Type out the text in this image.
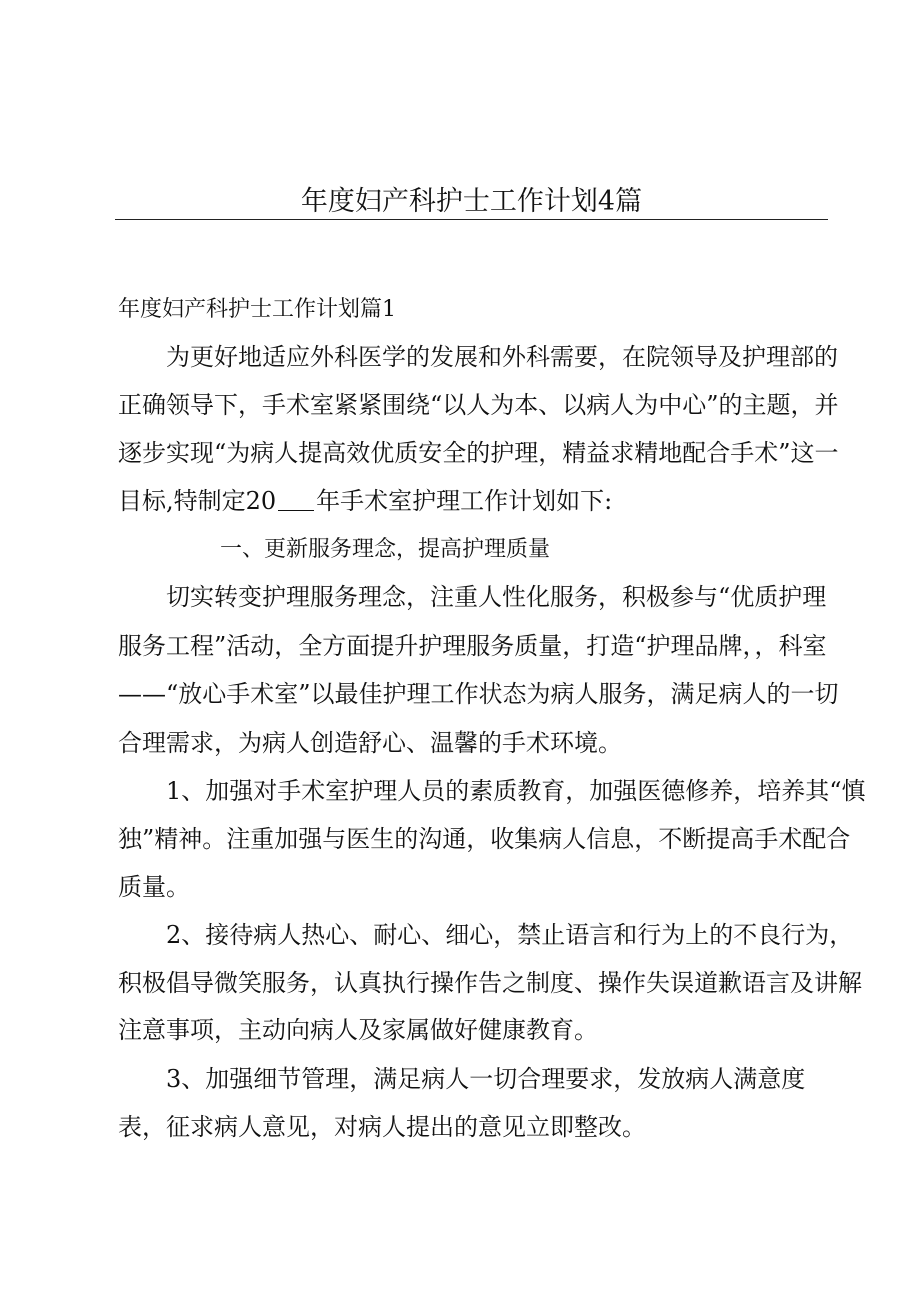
年度妇产科护士工作计划4篇
年度妇产科护士工作计划篇1
为更好地适应外科医学的发展和外科需要，在院领导及护理部的
正确领导下，手术室紧紧围绕“以人为本、以病人为中心”的主题，并
逐步实现“为病人提高效优质安全的护理，精益求精地配合手术”这一
目标,特制定20 年手术室护理工作计划如下:
一、更新服务理念，提高护理质量
切实转变护理服务理念，注重人性化服务，积极参与“优质护理
服务工程”活动，全方面提升护理服务质量，打造“护理品牌，，科室
——“放心手术室”以最佳护理工作状态为病人服务，满足病人的一切
合理需求，为病人创造舒心、温馨的手术环境。
1、加强对手术室护理人员的素质教育，加强医德修养，培养其“慎
独”精神。注重加强与医生的沟通，收集病人信息，不断提高手术配合
质量。
2、接待病人热心、耐心、细心，禁止语言和行为上的不良行为，
积极倡导微笑服务，认真执行操作告之制度、操作失误道歉语言及讲解
注意事项，主动向病人及家属做好健康教育。
3、加强细节管理，满足病人一切合理要求，发放病人满意度
表，征求病人意见，对病人提出的意见立即整改。
